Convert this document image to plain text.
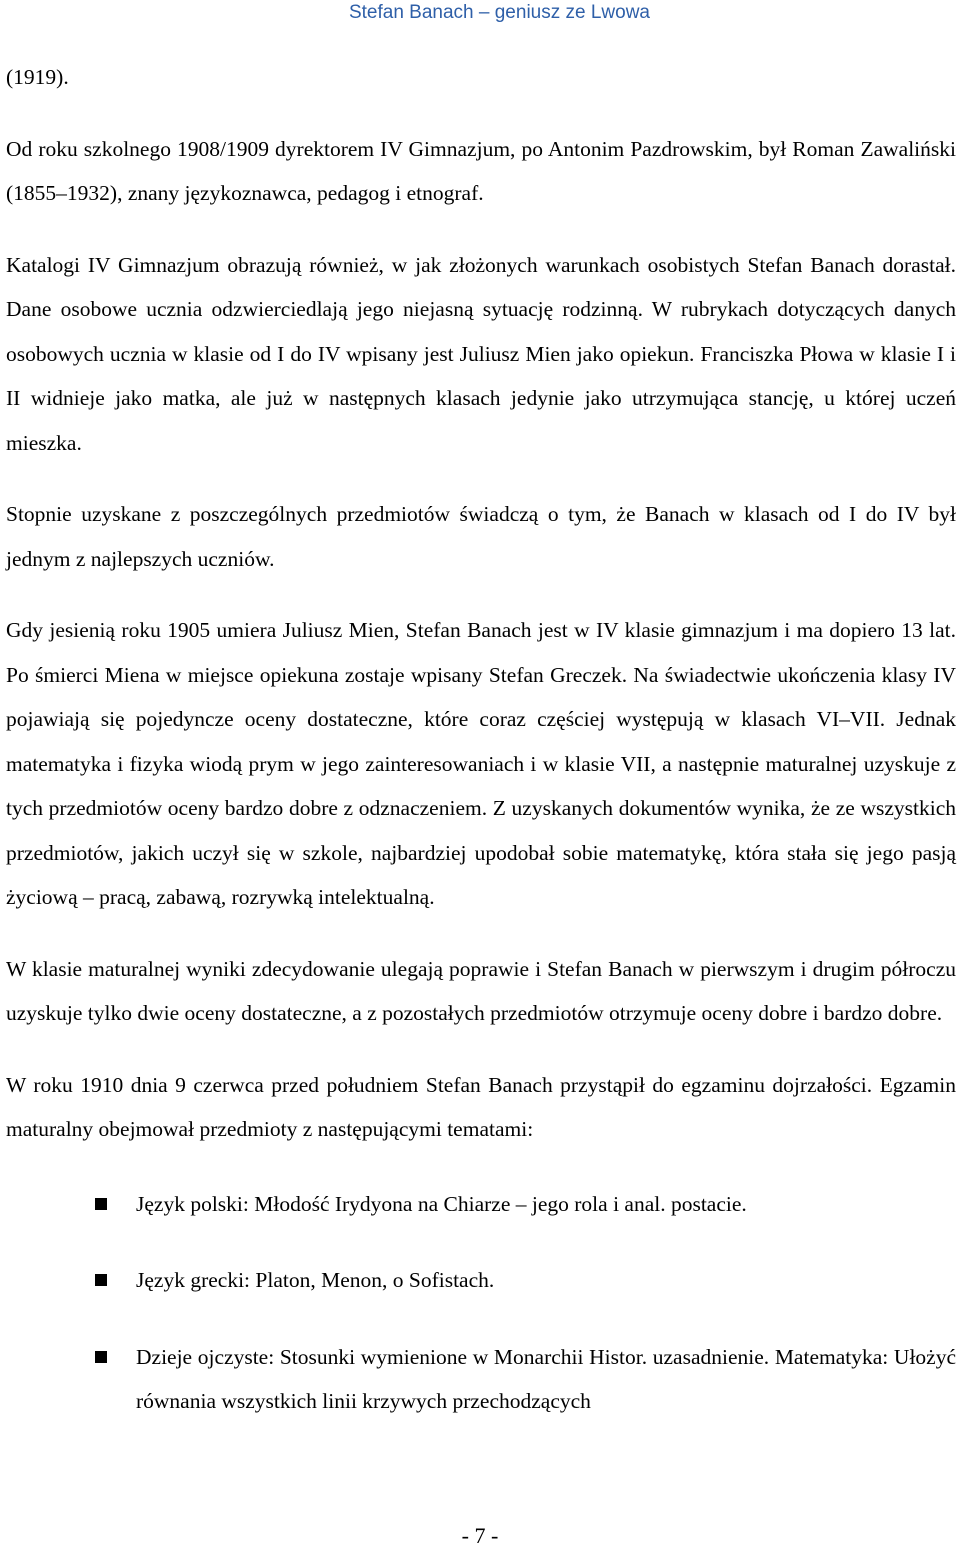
Stefan Banach – geniusz ze Lwowa

(1919).

Od roku szkolnego 1908/1909 dyrektorem IV Gimnazjum, po Antonim Pazdrowskim, był Roman Zawaliński (1855–1932), znany językoznawca, pedagog i etnograf.

Katalogi IV Gimnazjum obrazują również, w jak złożonych warunkach osobistych Stefan Banach dorastał. Dane osobowe ucznia odzwierciedlają jego niejasną sytuację rodzinną. W rubrykach dotyczących danych osobowych ucznia w klasie od I do IV wpisany jest Juliusz Mien jako opiekun. Franciszka Płowa w klasie I i II widnieje jako matka, ale już w następnych klasach jedynie jako utrzymująca stancję, u której uczeń mieszka.

Stopnie uzyskane z poszczególnych przedmiotów świadczą o tym, że Banach w klasach od I do IV był jednym z najlepszych uczniów.

Gdy jesienią roku 1905 umiera Juliusz Mien, Stefan Banach jest w IV klasie gimnazjum i ma dopiero 13 lat. Po śmierci Miena w miejsce opiekuna zostaje wpisany Stefan Greczek. Na świadectwie ukończenia klasy IV pojawiają się pojedyncze oceny dostateczne, które coraz częściej występują w klasach VI–VII. Jednak matematyka i fizyka wiodą prym w jego zainteresowaniach i w klasie VII, a następnie maturalnej uzyskuje z tych przedmiotów oceny bardzo dobre z odznaczeniem. Z uzyskanych dokumentów wynika, że ze wszystkich przedmiotów, jakich uczył się w szkole, najbardziej upodobał sobie matematykę, która stała się jego pasją życiową – pracą, zabawą, rozrywką intelektualną.

W klasie maturalnej wyniki zdecydowanie ulegają poprawie i Stefan Banach w pierwszym i drugim półroczu uzyskuje tylko dwie oceny dostateczne, a z pozostałych przedmiotów otrzymuje oceny dobre i bardzo dobre.

W roku 1910 dnia 9 czerwca przed południem Stefan Banach przystąpił do egzaminu dojrzałości. Egzamin maturalny obejmował przedmioty z następującymi tematami:

Język polski: Młodość Irydyona na Chiarze – jego rola i anal. postacie.
Język grecki: Platon, Menon, o Sofistach.
Dzieje ojczyste: Stosunki wymienione w Monarchii Histor. uzasadnienie. Matematyka: Ułożyć równania wszystkich linii krzywych przechodzących
- 7 -
